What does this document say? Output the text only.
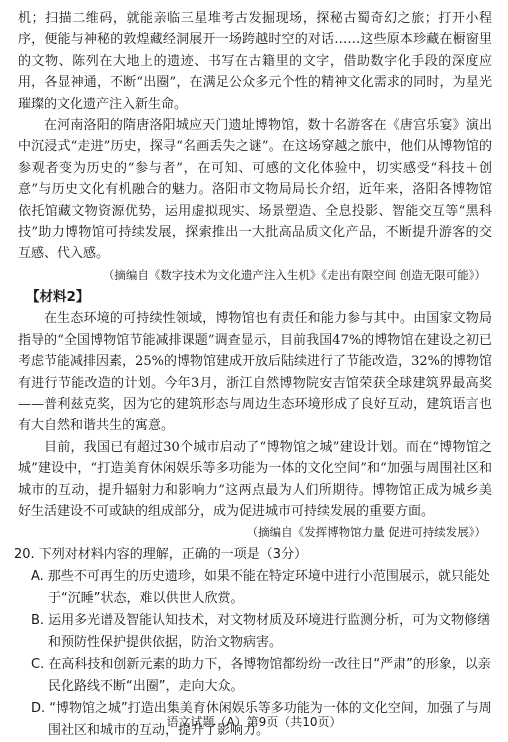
机；扫描二维码，就能亲临三星堆考古发掘现场，探秘古蜀奇幻之旅；打开小程序，便能与神秘的敦煌藏经洞展开一场跨越时空的对话……这些原本珍藏在橱窗里的文物、陈列在大地上的遗迹、书写在古籍里的文字，借助数字化手段的深度应用，各显神通，不断“出圈”，在满足公众多元个性的精神文化需求的同时，为星光璀璨的文化遗产注入新生命。

在河南洛阳的隋唐洛阳城应天门遗址博物馆，数十名游客在《唐宫乐宴》演出中沉浸式“走进”历史，探寻“名画丢失之谜”。在这场穿越之旅中，他们从博物馆的参观者变为历史的“参与者”，在可知、可感的文化体验中，切实感受“科技＋创意”与历史文化有机融合的魅力。洛阳市文物局局长介绍，近年来，洛阳各博物馆依托馆藏文物资源优势，运用虚拟现实、场景塑造、全息投影、智能交互等“黑科技”助力博物馆可持续发展，探索推出一大批高品质文化产品，不断提升游客的交互感、代入感。

（摘编自《数字技术为文化遗产注入生机》《走出有限空间 创造无限可能》）

【材料2】

在生态环境的可持续性领域，博物馆也有责任和能力参与其中。由国家文物局指导的“全国博物馆节能减排课题”调查显示，目前我国47%的博物馆在建设之初已考虑节能减排因素，25%的博物馆建成开放后陆续进行了节能改造，32%的博物馆有进行节能改造的计划。今年3月，浙江自然博物院安吉馆荣获全球建筑界最高奖——普利兹克奖，因为它的建筑形态与周边生态环境形成了良好互动，建筑语言也有大自然和谐共生的寓意。

目前，我国已有超过30个城市启动了“博物馆之城”建设计划。而在“博物馆之城”建设中，“打造美育休闲娱乐等多功能为一体的文化空间”和“加强与周围社区和城市的互动，提升辐射力和影响力”这两点最为人们所期待。博物馆正成为城乡美好生活建设不可或缺的组成部分，成为促进城市可持续发展的重要方面。

（摘编自《发挥博物馆力量 促进可持续发展》）

20. 下列对材料内容的理解，正确的一项是（3分）
A. 那些不可再生的历史遗珍，如果不能在特定环境中进行小范围展示，就只能处于“沉睡”状态，难以供世人欣赏。
B. 运用多光谱及智能认知技术，对文物材质及环境进行监测分析，可为文物修缮和预防性保护提供依据，防治文物病害。
C. 在高科技和创新元素的助力下，各博物馆都纷纷一改往日“严肃”的形象，以亲民化路线不断“出圈”，走向大众。
D. “博物馆之城”打造出集美育休闲娱乐等多功能为一体的文化空间，加强了与周围社区和城市的互动，提升了影响力。
语文试题（A）第9页（共10页）
